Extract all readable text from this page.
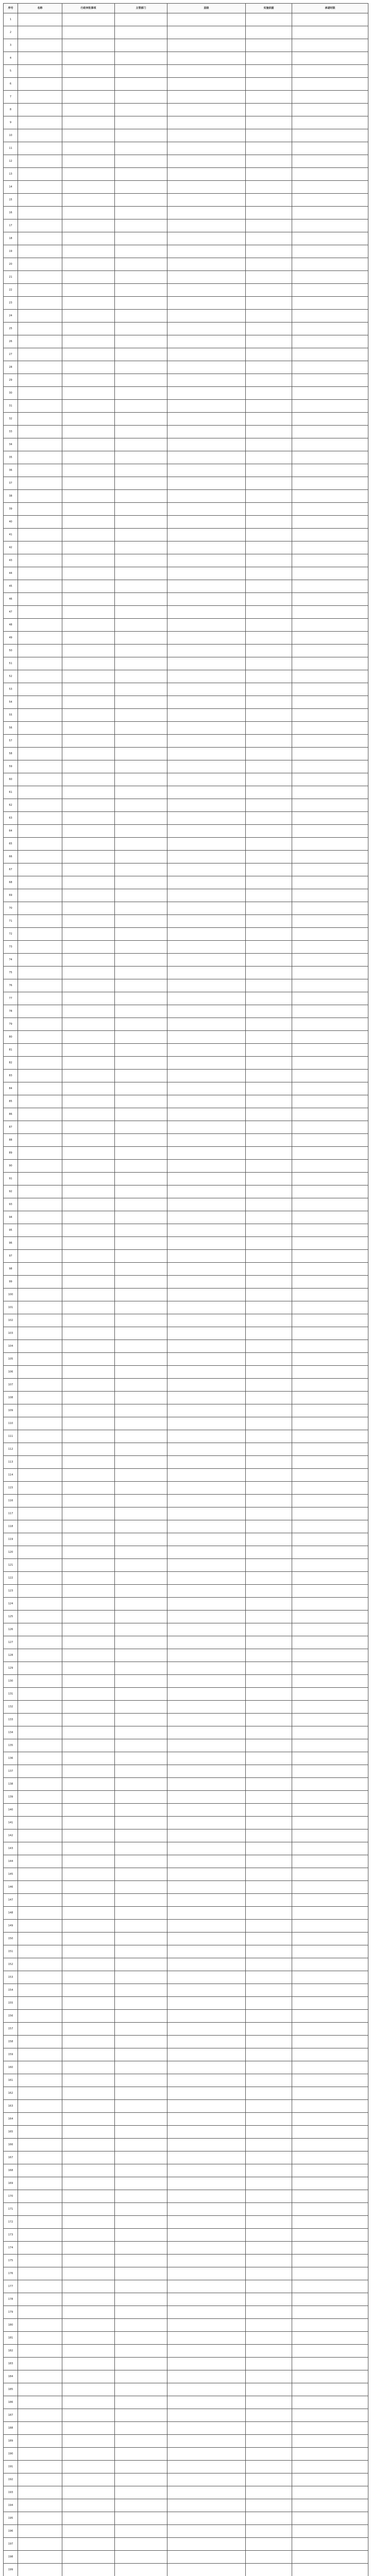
序号	名称	行政审批事项	主管部门	层级	实施依据	承诺时限
1						
2						
3						
4						
5						
6						
7						
8						
9						
10						
11						
12						
13						
14						
15						
16						
17						
18						
19						
20						
21						
22						
23						
24						
25						
26						
27						
28						
29						
30						
31						
32						
33						
34						
35						
36						
37						
38						
39						
40						
41						
42						
43						
44						
45						
46						
47						
48						
49						
50						
51						
52						
53						
54						
55						
56						
57						
58						
59						
60						
61						
62						
63						
64						
65						
66						
67						
68						
69						
70						
71						
72						
73						
74						
75						
76						
77						
78						
79						
80						
81						
82						
83						
84						
85						
86						
87						
88						
89						
90						
91						
92						
93						
94						
95						
96						
97						
98						
99						
100						
101						
102						
103						
104						
105						
106						
107						
108						
109						
110						
111						
112						
113						
114						
115						
116						
117						
118						
119						
120						
121						
122						
123						
124						
125						
126						
127						
128						
129						
130						
131						
132						
133						
134						
135						
136						
137						
138						
139						
140						
141						
142						
143						
144						
145						
146						
147						
148						
149						
150						
151						
152						
153						
154						
155						
156						
157						
158						
159						
160						
161						
162						
163						
164						
165						
166						
167						
168						
169						
170						
171						
172						
173						
174						
175						
176						
177						
178						
179						
180						
181						
182						
183						
184						
185						
186						
187						
188						
189						
190						
191						
192						
193						
194						
195						
196						
197						
198						
199						
